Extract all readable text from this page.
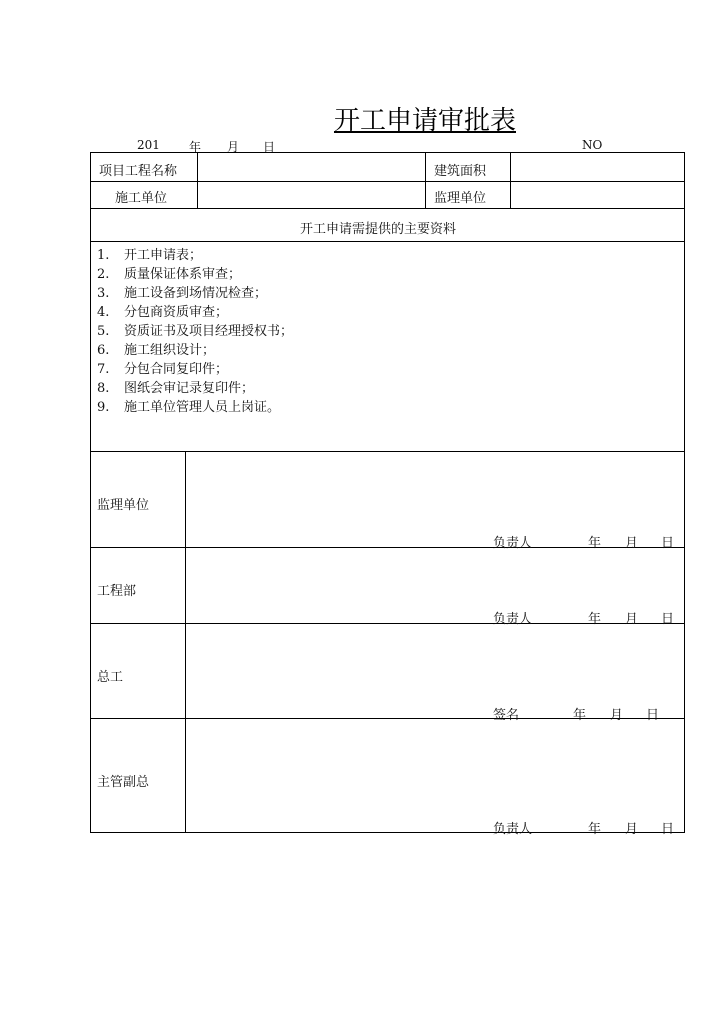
开工申请审批表
201 年 月 日	NO
项目工程名称	建筑面积
施工单位	监理单位
开工申请需提供的主要资料
1. 开工申请表；
2. 质量保证体系审查；
3. 施工设备到场情况检查；
4. 分包商资质审查；
5. 资质证书及项目经理授权书；
6. 施工组织设计；
7. 分包合同复印件；
8. 图纸会审记录复印件；
9. 施工单位管理人员上岗证。
监理单位
负责人	年 月 日
工程部
负责人	年 月 日
总工
签名	年 月 日
主管副总
负责人	年 月 日
